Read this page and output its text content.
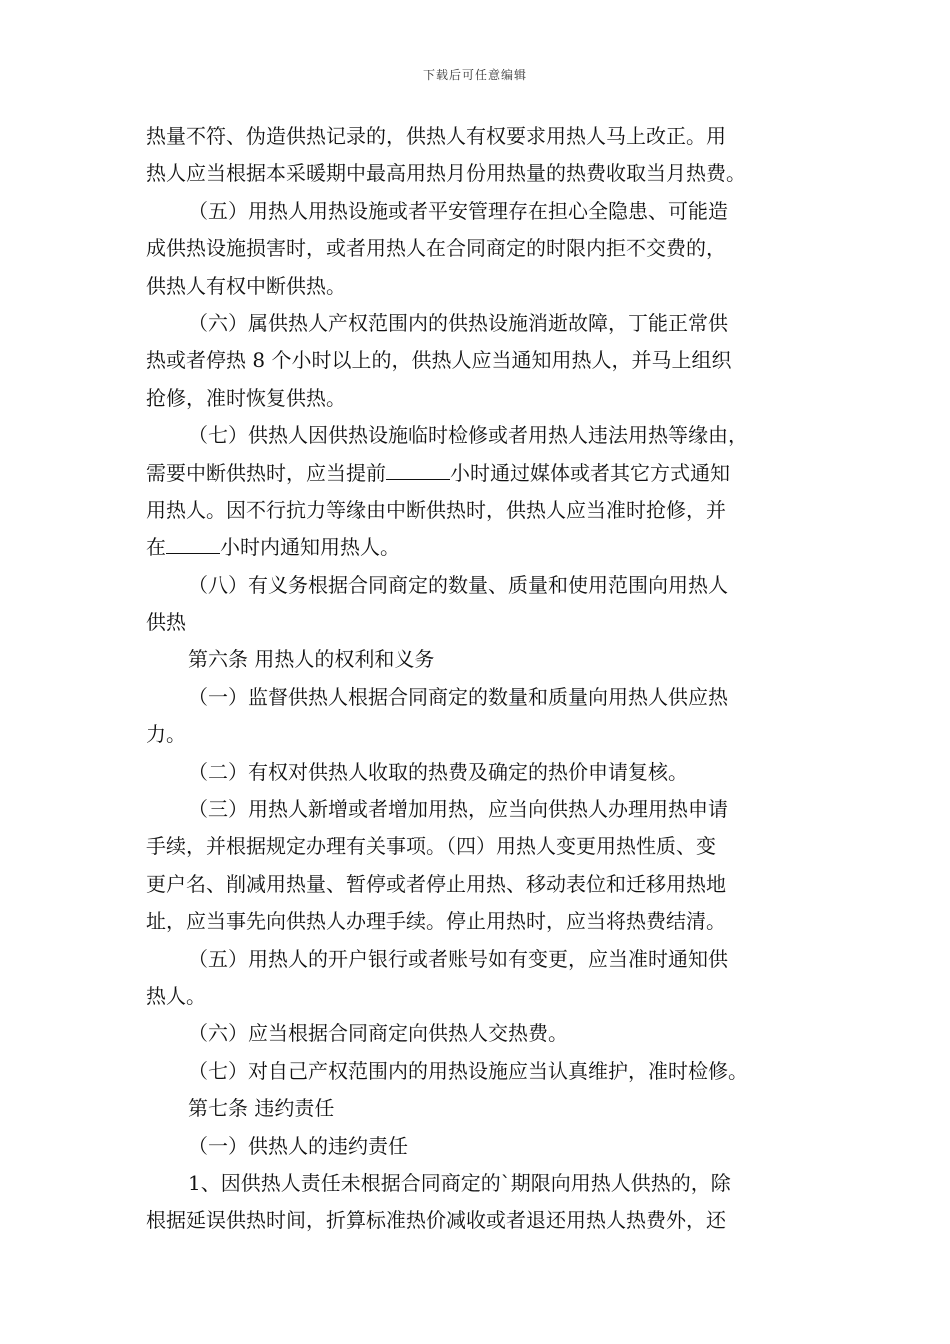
下载后可任意编辑
热量不符、伪造供热记录的，供热人有权要求用热人马上改正。用
热人应当根据本采暖期中最高用热月份用热量的热费收取当月热费。
（五）用热人用热设施或者平安管理存在担心全隐患、可能造
成供热设施损害时，或者用热人在合同商定的时限内拒不交费的，
供热人有权中断供热。
（六）属供热人产权范围内的供热设施消逝故障，丁能正常供
热或者停热 8 个小时以上的，供热人应当通知用热人，并马上组织
抢修，准时恢复供热。
（七）供热人因供热设施临时检修或者用热人违法用热等缘由，
需要中断供热时，应当提前	小时通过媒体或者其它方式通知
用热人。因不行抗力等缘由中断供热时，供热人应当准时抢修，并
在	小时内通知用热人。
（八）有义务根据合同商定的数量、质量和使用范围向用热人
供热
第六条 用热人的权利和义务
（一）监督供热人根据合同商定的数量和质量向用热人供应热
力。
（二）有权对供热人收取的热费及确定的热价申请复核。
（三）用热人新增或者增加用热，应当向供热人办理用热申请
手续，并根据规定办理有关事项。（四）用热人变更用热性质、变
更户名、削减用热量、暂停或者停止用热、移动表位和迁移用热地
址，应当事先向供热人办理手续。停止用热时，应当将热费结清。
（五）用热人的开户银行或者账号如有变更，应当准时通知供
热人。
（六）应当根据合同商定向供热人交热费。
（七）对自己产权范围内的用热设施应当认真维护，准时检修。
第七条 违约责任
（一）供热人的违约责任
1、因供热人责任未根据合同商定的`期限向用热人供热的，除
根据延误供热时间，折算标准热价减收或者退还用热人热费外，还
